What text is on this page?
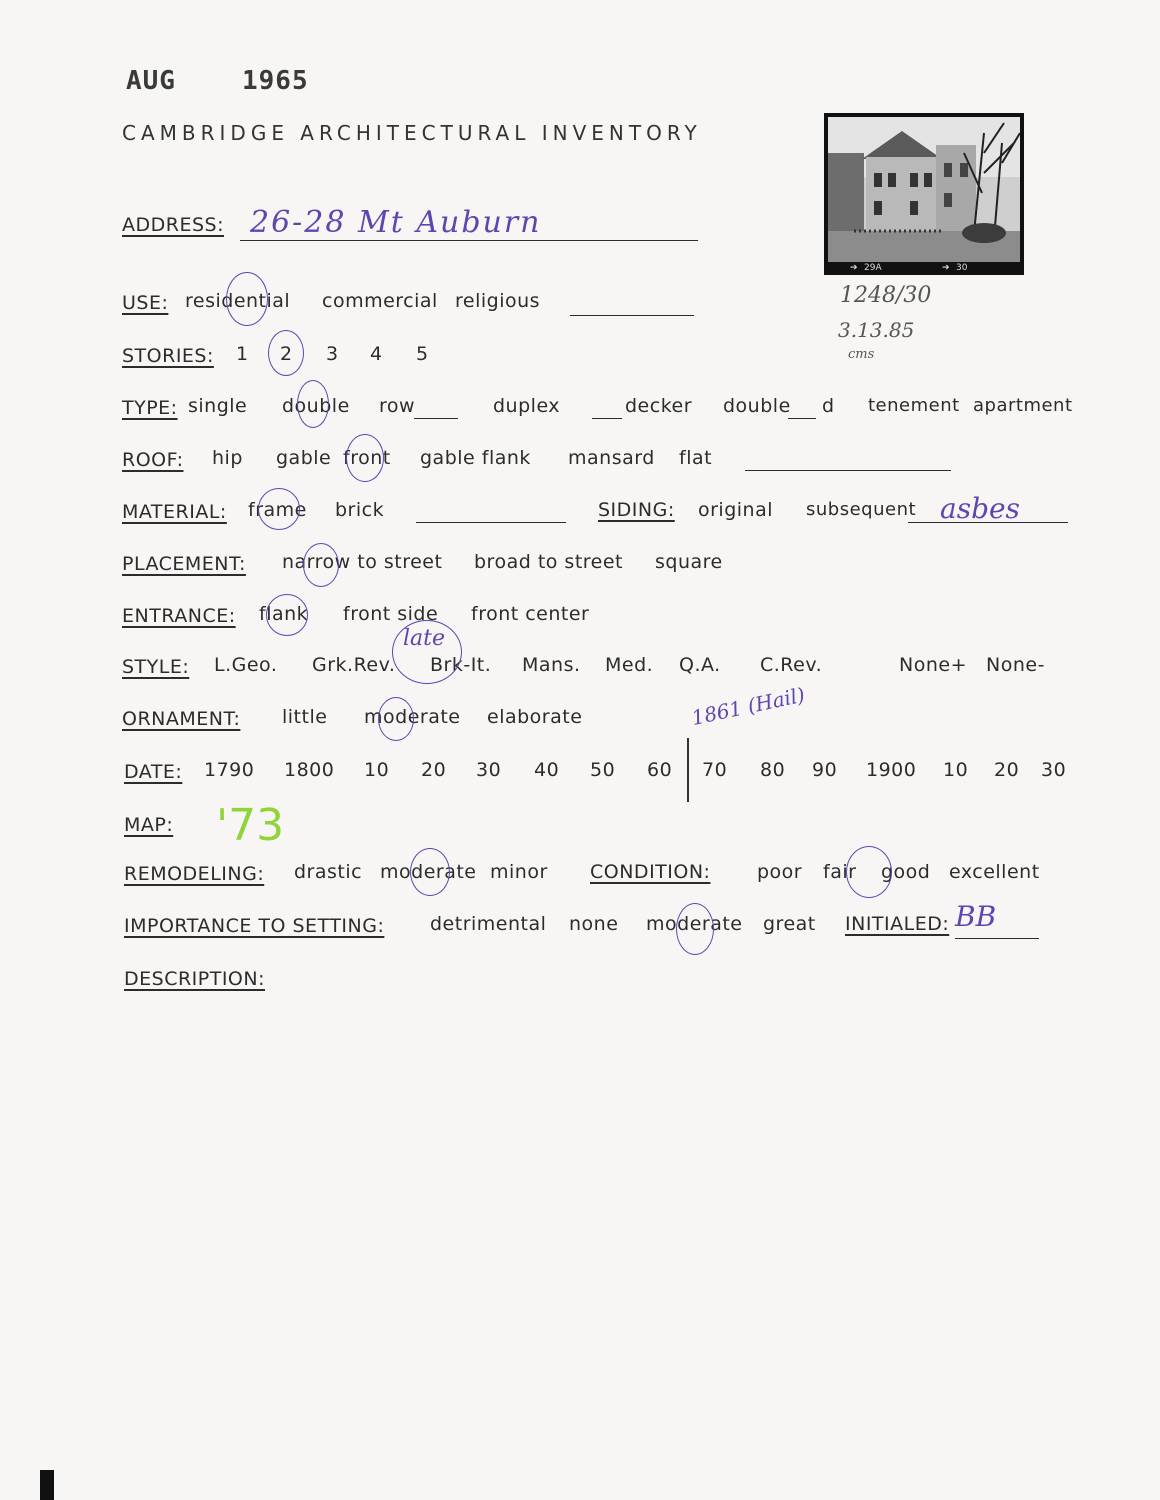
AUG	1965
CAMBRIDGE ARCHITECTURAL INVENTORY
➔ 29A	➔ 30
1248/30
3.13.85
cms
ADDRESS: 26-28 Mt Auburn
USE: residential commercial religious
STORIES: 1 2 3 4 5
TYPE: single double row	duplex	decker double d tenement apartment
ROOF: hip gable front gable flank mansard flat
MATERIAL: frame brick	SIDING: original subsequent asbes
PLACEMENT: narrow to street broad to street square
ENTRANCE: flank front side front center
STYLE: L.Geo. Grk.Rev. Brk-It. Mans. Med. Q.A. C.Rev.	None+ None-
late
ORNAMENT: little moderate elaborate
DATE: 1790 1800 10 20 30 40 50 60 70 80 90 1900 10 20 30
1861 (Hail)
MAP: '73
REMODELING: drastic moderate minor CONDITION: poor fair good excellent
IMPORTANCE TO SETTING: detrimental none moderate great INITIALED: BB
DESCRIPTION:
